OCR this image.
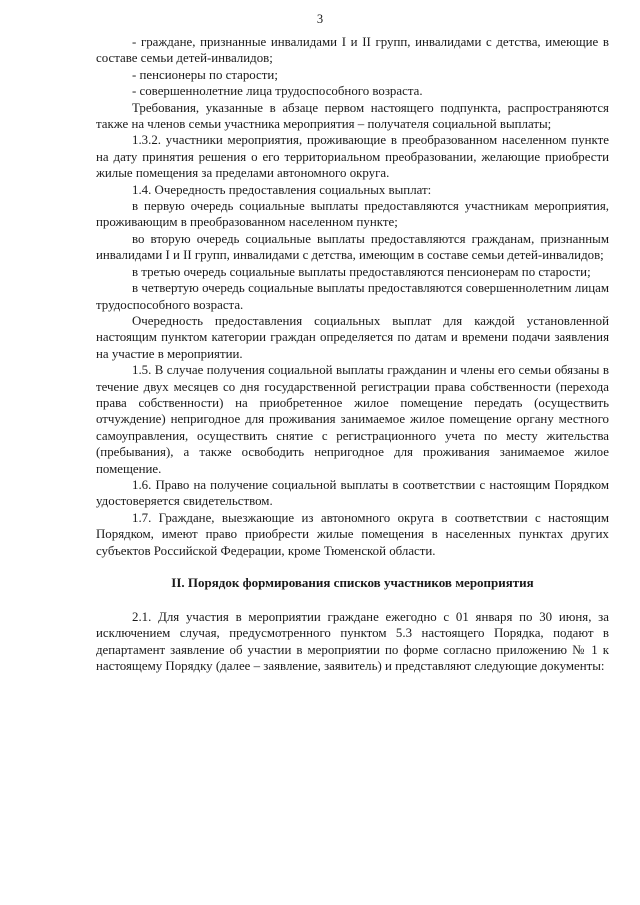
3

- граждане, признанные инвалидами I и II групп, инвалидами с детства, имеющие в составе семьи детей-инвалидов;

- пенсионеры по старости;

- совершеннолетние лица трудоспособного возраста.

Требования, указанные в абзаце первом настоящего подпункта, распространяются также на членов семьи участника мероприятия – получателя социальной выплаты;

1.3.2. участники мероприятия, проживающие в преобразованном населенном пункте на дату принятия решения о его территориальном преобразовании, желающие приобрести жилые помещения за пределами автономного округа.

1.4. Очередность предоставления социальных выплат:

в первую очередь социальные выплаты предоставляются участникам мероприятия, проживающим в преобразованном населенном пункте;

во вторую очередь социальные выплаты предоставляются гражданам, признанным инвалидами I и II групп, инвалидами с детства, имеющим в составе семьи детей-инвалидов;

в третью очередь социальные выплаты предоставляются пенсионерам по старости;

в четвертую очередь социальные выплаты предоставляются совершеннолетним лицам трудоспособного возраста.

Очередность предоставления социальных выплат для каждой установленной настоящим пунктом категории граждан определяется по датам и времени подачи заявления на участие в мероприятии.

1.5. В случае получения социальной выплаты гражданин и члены его семьи обязаны в течение двух месяцев со дня государственной регистрации права собственности (перехода права собственности) на приобретенное жилое помещение передать (осуществить отчуждение) непригодное для проживания занимаемое жилое помещение органу местного самоуправления, осуществить снятие с регистрационного учета по месту жительства (пребывания), а также освободить непригодное для проживания занимаемое жилое помещение.

1.6. Право на получение социальной выплаты в соответствии с настоящим Порядком удостоверяется свидетельством.

1.7. Граждане, выезжающие из автономного округа в соответствии с настоящим Порядком, имеют право приобрести жилые помещения в населенных пунктах других субъектов Российской Федерации, кроме Тюменской области.

II. Порядок формирования списков участников мероприятия

2.1. Для участия в мероприятии граждане ежегодно с 01 января по 30 июня, за исключением случая, предусмотренного пунктом 5.3 настоящего Порядка, подают в департамент заявление об участии в мероприятии по форме согласно приложению № 1 к настоящему Порядку (далее – заявление, заявитель) и представляют следующие документы:
